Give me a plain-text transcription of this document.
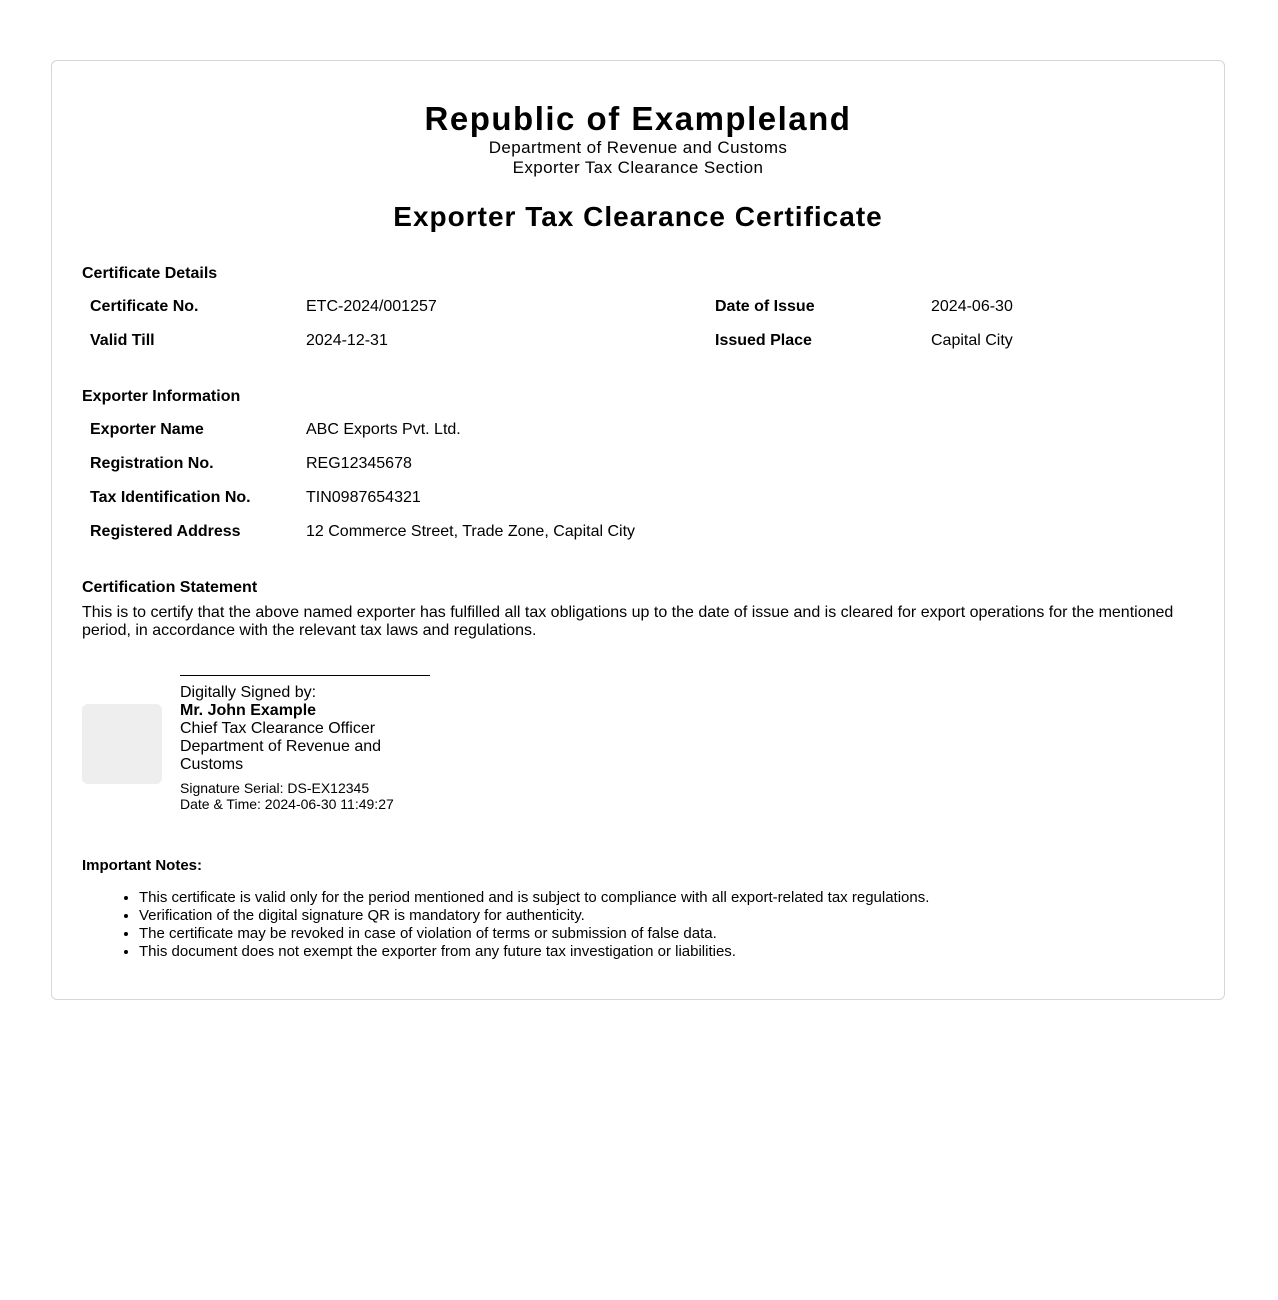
Republic of Exampleland
Department of Revenue and Customs
Exporter Tax Clearance Section
Exporter Tax Clearance Certificate
Certificate Details
Certificate No.	ETC-2024/001257	Date of Issue	2024-06-30
Valid Till	2024-12-31	Issued Place	Capital City
Exporter Information
Exporter Name	ABC Exports Pvt. Ltd.
Registration No.	REG12345678
Tax Identification No.	TIN0987654321
Registered Address	12 Commerce Street, Trade Zone, Capital City
Certification Statement
This is to certify that the above named exporter has fulfilled all tax obligations up to the date of issue and is cleared for export operations for the mentioned period, in accordance with the relevant tax laws and regulations.
Digitally Signed by:
Mr. John Example
Chief Tax Clearance Officer
Department of Revenue and Customs
Signature Serial: DS-EX12345
Date & Time: 2024-06-30 11:49:27
Important Notes:
• This certificate is valid only for the period mentioned and is subject to compliance with all export-related tax regulations.
• Verification of the digital signature QR is mandatory for authenticity.
• The certificate may be revoked in case of violation of terms or submission of false data.
• This document does not exempt the exporter from any future tax investigation or liabilities.
